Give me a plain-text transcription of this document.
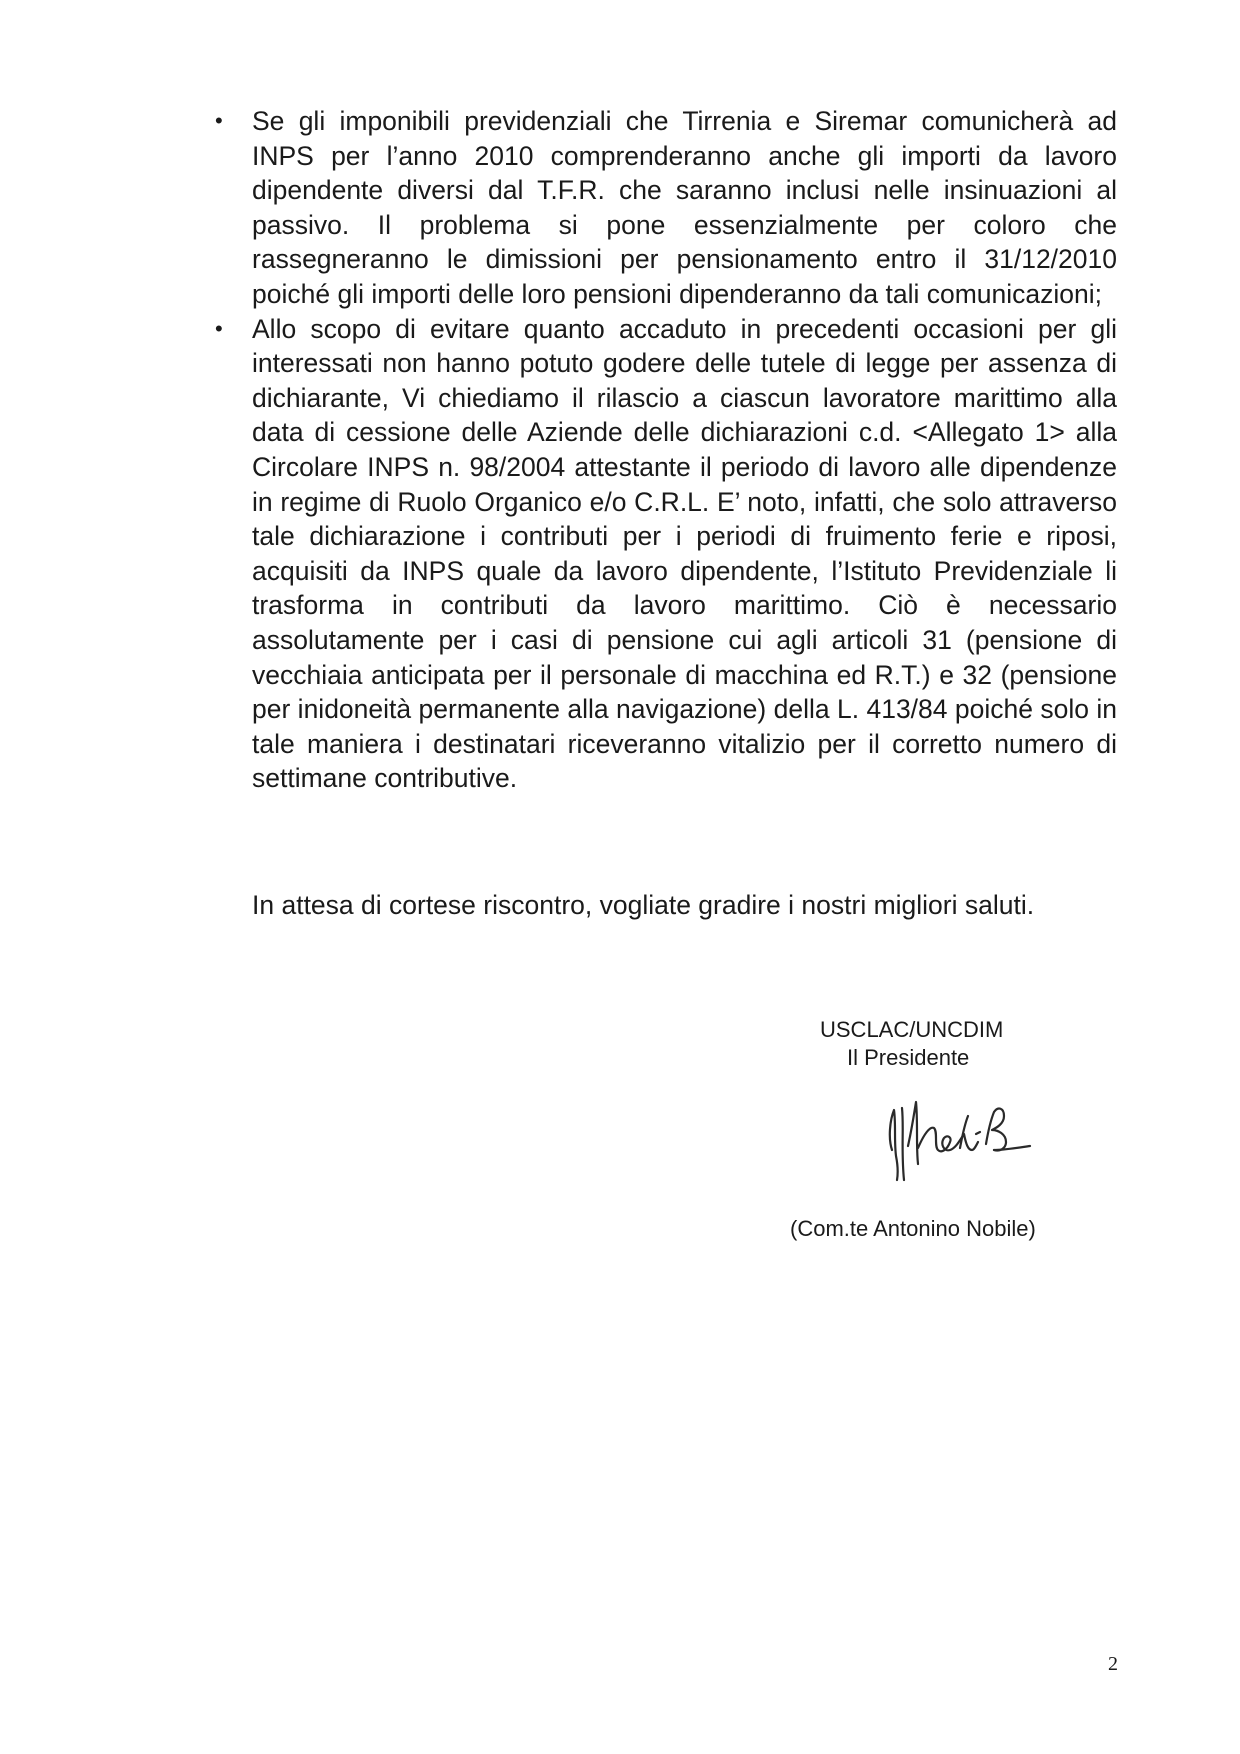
•	Se gli imponibili previdenziali che Tirrenia e Siremar comunicherà ad INPS per l’anno 2010 comprenderanno anche gli importi da lavoro dipendente diversi dal T.F.R. che saranno inclusi nelle insinuazioni al passivo. Il problema si pone essenzialmente per coloro che rassegneranno le dimissioni per pensionamento entro il 31/12/2010 poiché gli importi delle loro pensioni dipenderanno da tali comunicazioni;
•	Allo scopo di evitare quanto accaduto in precedenti occasioni per gli interessati non hanno potuto godere delle tutele di legge per assenza di dichiarante, Vi chiediamo il rilascio a ciascun lavoratore marittimo alla data di cessione delle Aziende delle dichiarazioni c.d. <Allegato 1> alla Circolare INPS n. 98/2004 attestante il periodo di lavoro alle dipendenze in regime di Ruolo Organico e/o C.R.L. E’ noto, infatti, che solo attraverso tale dichiarazione i contributi per i periodi di fruimento ferie e riposi, acquisiti da INPS quale da lavoro dipendente, l’Istituto Previdenziale li trasforma in contributi da lavoro marittimo. Ciò è necessario assolutamente per i casi di pensione cui agli articoli 31 (pensione di vecchiaia anticipata per il personale di macchina ed R.T.) e 32 (pensione per inidoneità permanente alla navigazione) della L. 413/84 poiché solo in tale maniera i destinatari riceveranno vitalizio per il corretto numero di settimane contributive.

In attesa di cortese riscontro, vogliate gradire i nostri migliori saluti.

USCLAC/UNCDIM

Il Presidente

(Com.te Antonino Nobile)

2
